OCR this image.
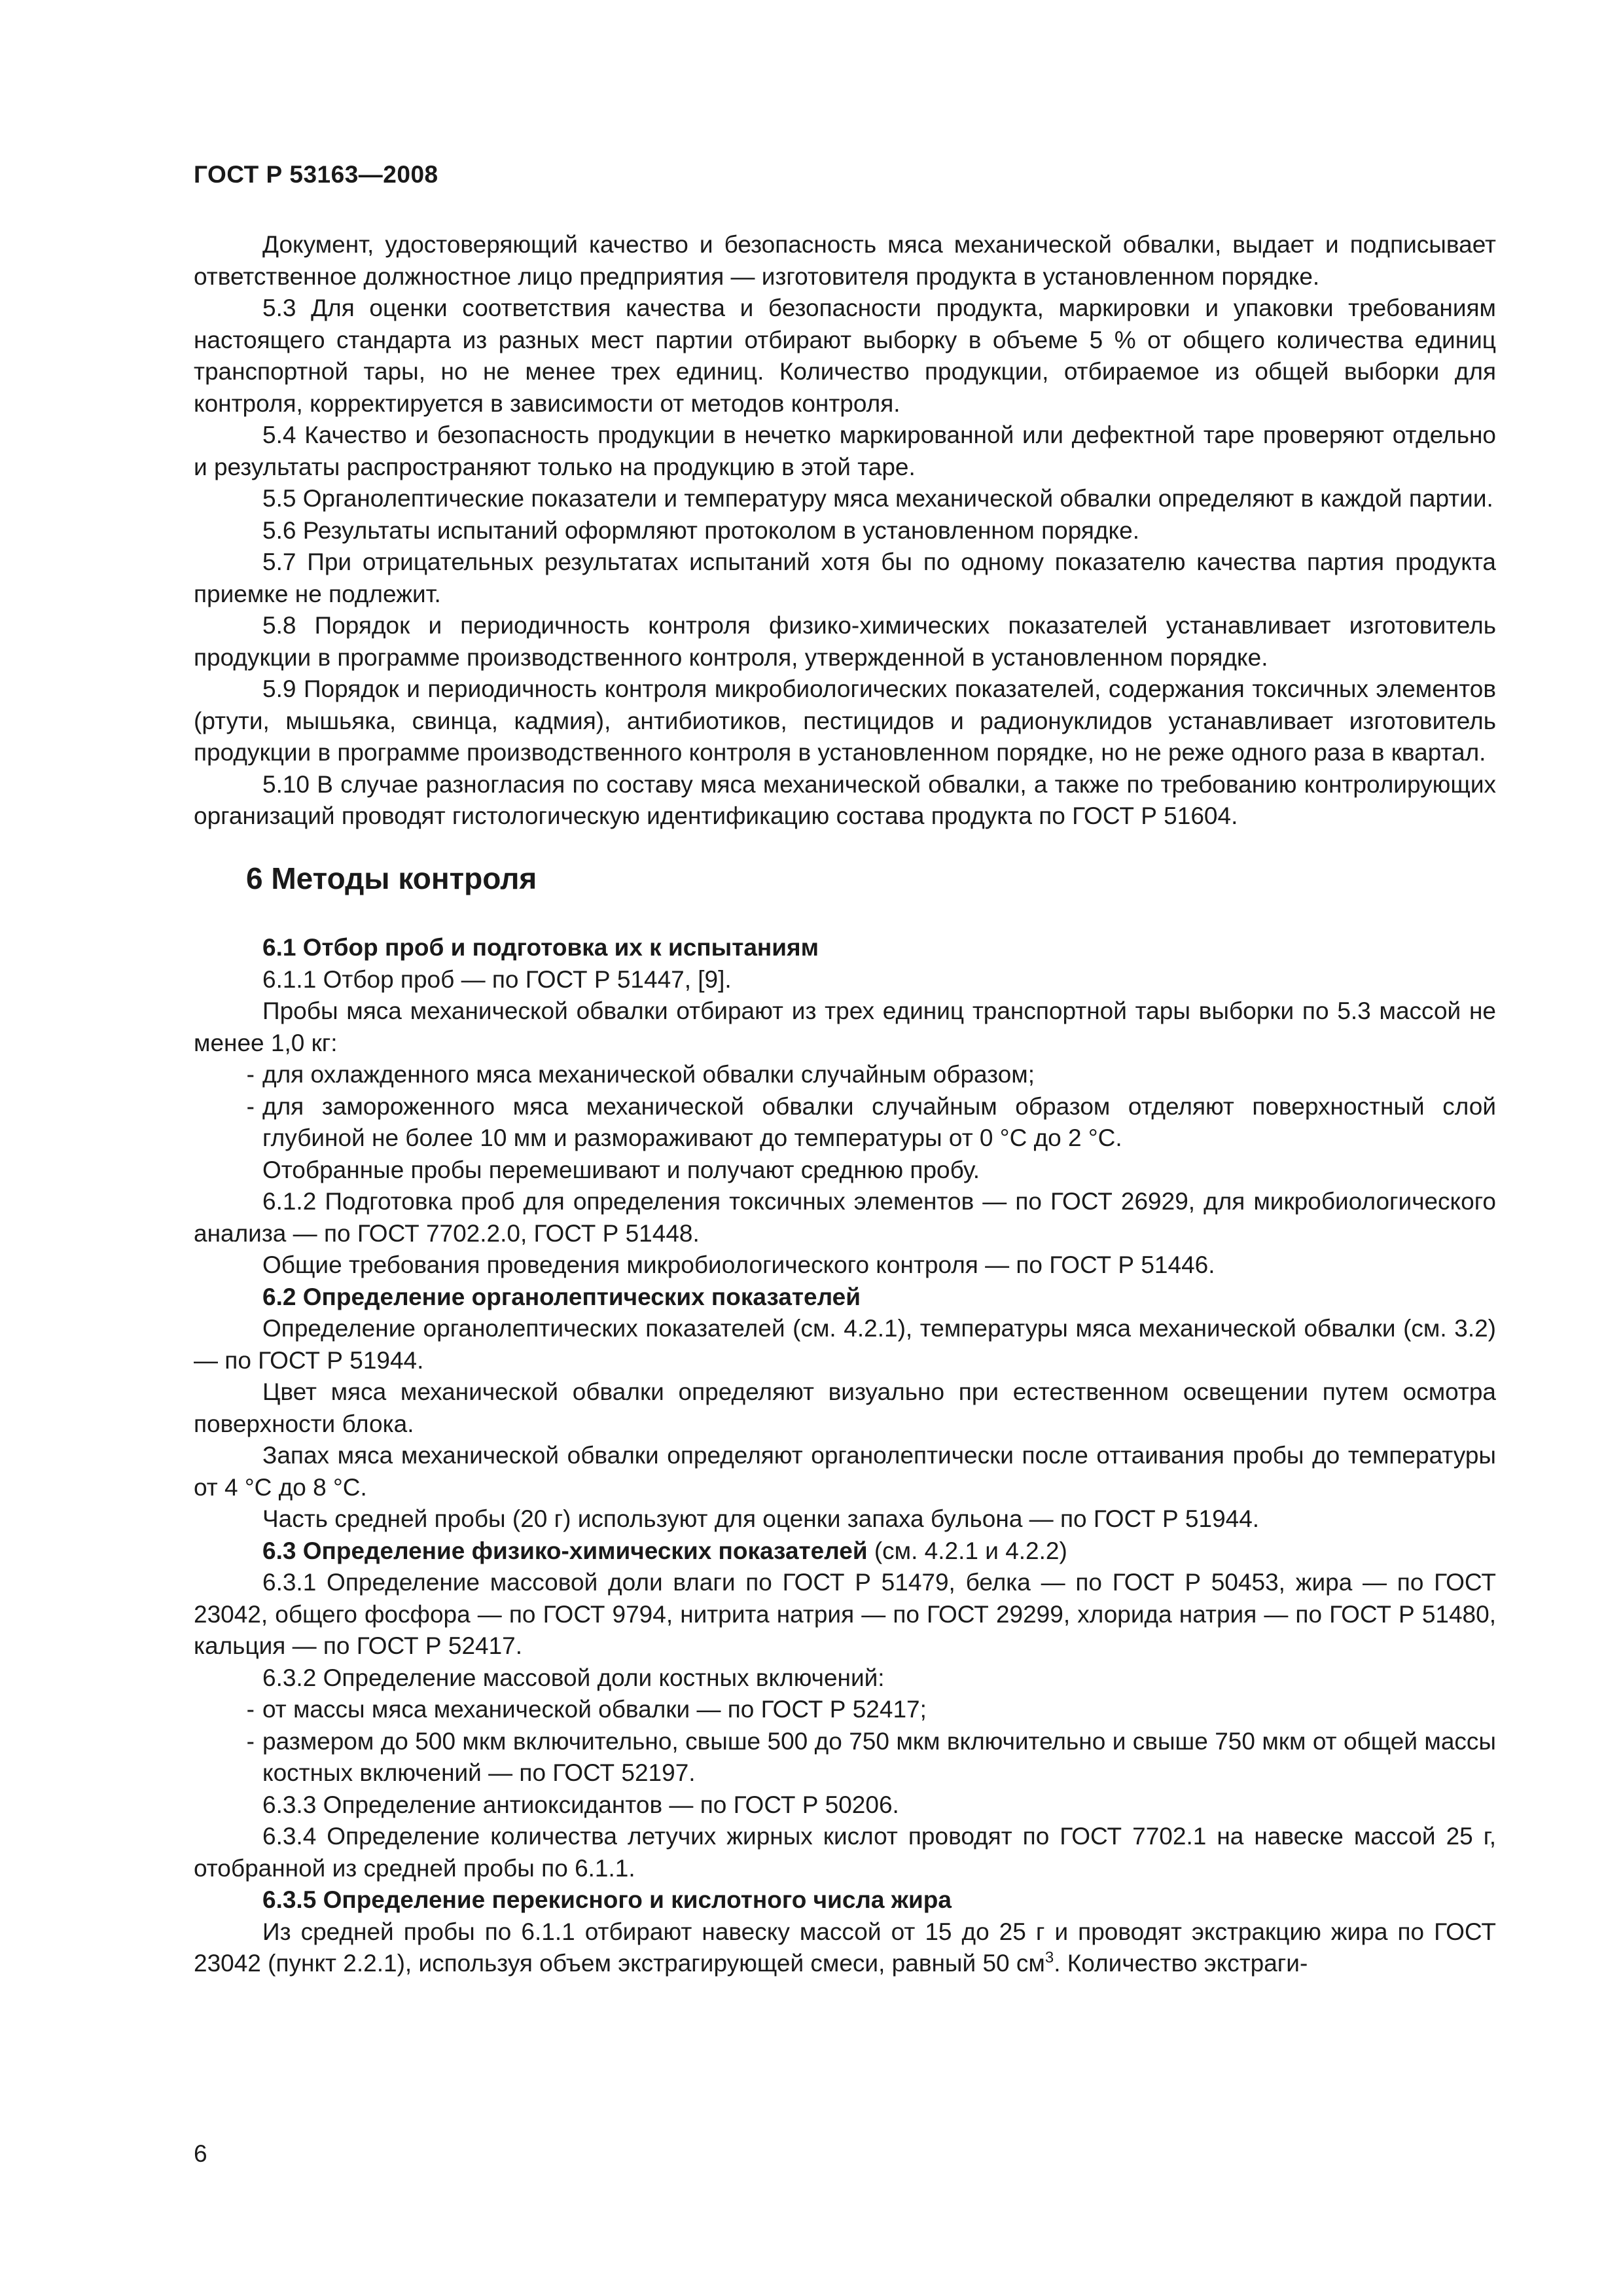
ГОСТ Р 53163—2008

Документ, удостоверяющий качество и безопасность мяса механической обвалки, выдает и подписывает ответственное должностное лицо предприятия — изготовителя продукта в установленном порядке.

5.3 Для оценки соответствия качества и безопасности продукта, маркировки и упаковки требованиям настоящего стандарта из разных мест партии отбирают выборку в объеме 5 % от общего количества единиц транспортной тары, но не менее трех единиц. Количество продукции, отбираемое из общей выборки для контроля, корректируется в зависимости от методов контроля.

5.4 Качество и безопасность продукции в нечетко маркированной или дефектной таре проверяют отдельно и результаты распространяют только на продукцию в этой таре.

5.5 Органолептические показатели и температуру мяса механической обвалки определяют в каждой партии.

5.6 Результаты испытаний оформляют протоколом в установленном порядке.

5.7 При отрицательных результатах испытаний хотя бы по одному показателю качества партия продукта приемке не подлежит.

5.8 Порядок и периодичность контроля физико-химических показателей устанавливает изготовитель продукции в программе производственного контроля, утвержденной в установленном порядке.

5.9 Порядок и периодичность контроля микробиологических показателей, содержания токсичных элементов (ртути, мышьяка, свинца, кадмия), антибиотиков, пестицидов и радионуклидов устанавливает изготовитель продукции в программе производственного контроля в установленном порядке, но не реже одного раза в квартал.

5.10 В случае разногласия по составу мяса механической обвалки, а также по требованию контролирующих организаций проводят гистологическую идентификацию состава продукта по ГОСТ Р 51604.

6 Методы контроля

6.1 Отбор проб и подготовка их к испытаниям

6.1.1 Отбор проб — по ГОСТ Р 51447, [9].

Пробы мяса механической обвалки отбирают из трех единиц транспортной тары выборки по 5.3 массой не менее 1,0 кг:

- для охлажденного мяса механической обвалки случайным образом;

- для замороженного мяса механической обвалки случайным образом отделяют поверхностный слой глубиной не более 10 мм и размораживают до температуры от 0 °С до 2 °С.

Отобранные пробы перемешивают и получают среднюю пробу.

6.1.2 Подготовка проб для определения токсичных элементов — по ГОСТ 26929, для микробиологического анализа — по ГОСТ 7702.2.0, ГОСТ Р 51448.

Общие требования проведения микробиологического контроля — по ГОСТ Р 51446.

6.2 Определение органолептических показателей

Определение органолептических показателей (см. 4.2.1), температуры мяса механической обвалки (см. 3.2) — по ГОСТ Р 51944.

Цвет мяса механической обвалки определяют визуально при естественном освещении путем осмотра поверхности блока.

Запах мяса механической обвалки определяют органолептически после оттаивания пробы до температуры от 4 °С до 8 °С.

Часть средней пробы (20 г) используют для оценки запаха бульона — по ГОСТ Р 51944.

6.3 Определение физико-химических показателей (см. 4.2.1 и 4.2.2)

6.3.1 Определение массовой доли влаги по ГОСТ Р 51479, белка — по ГОСТ Р 50453, жира — по ГОСТ 23042, общего фосфора — по ГОСТ 9794, нитрита натрия — по ГОСТ 29299, хлорида натрия — по ГОСТ Р 51480, кальция — по ГОСТ Р 52417.

6.3.2 Определение массовой доли костных включений:

- от массы мяса механической обвалки — по ГОСТ Р 52417;

- размером до 500 мкм включительно, свыше 500 до 750 мкм включительно и свыше 750 мкм от общей массы костных включений — по ГОСТ 52197.

6.3.3 Определение антиоксидантов — по ГОСТ Р 50206.

6.3.4 Определение количества летучих жирных кислот проводят по ГОСТ 7702.1 на навеске массой 25 г, отобранной из средней пробы по 6.1.1.

6.3.5 Определение перекисного и кислотного числа жира

Из средней пробы по 6.1.1 отбирают навеску массой от 15 до 25 г и проводят экстракцию жира по ГОСТ 23042 (пункт 2.2.1), используя объем экстрагирующей смеси, равный 50 $см^3$. Количество экстраги-

6
